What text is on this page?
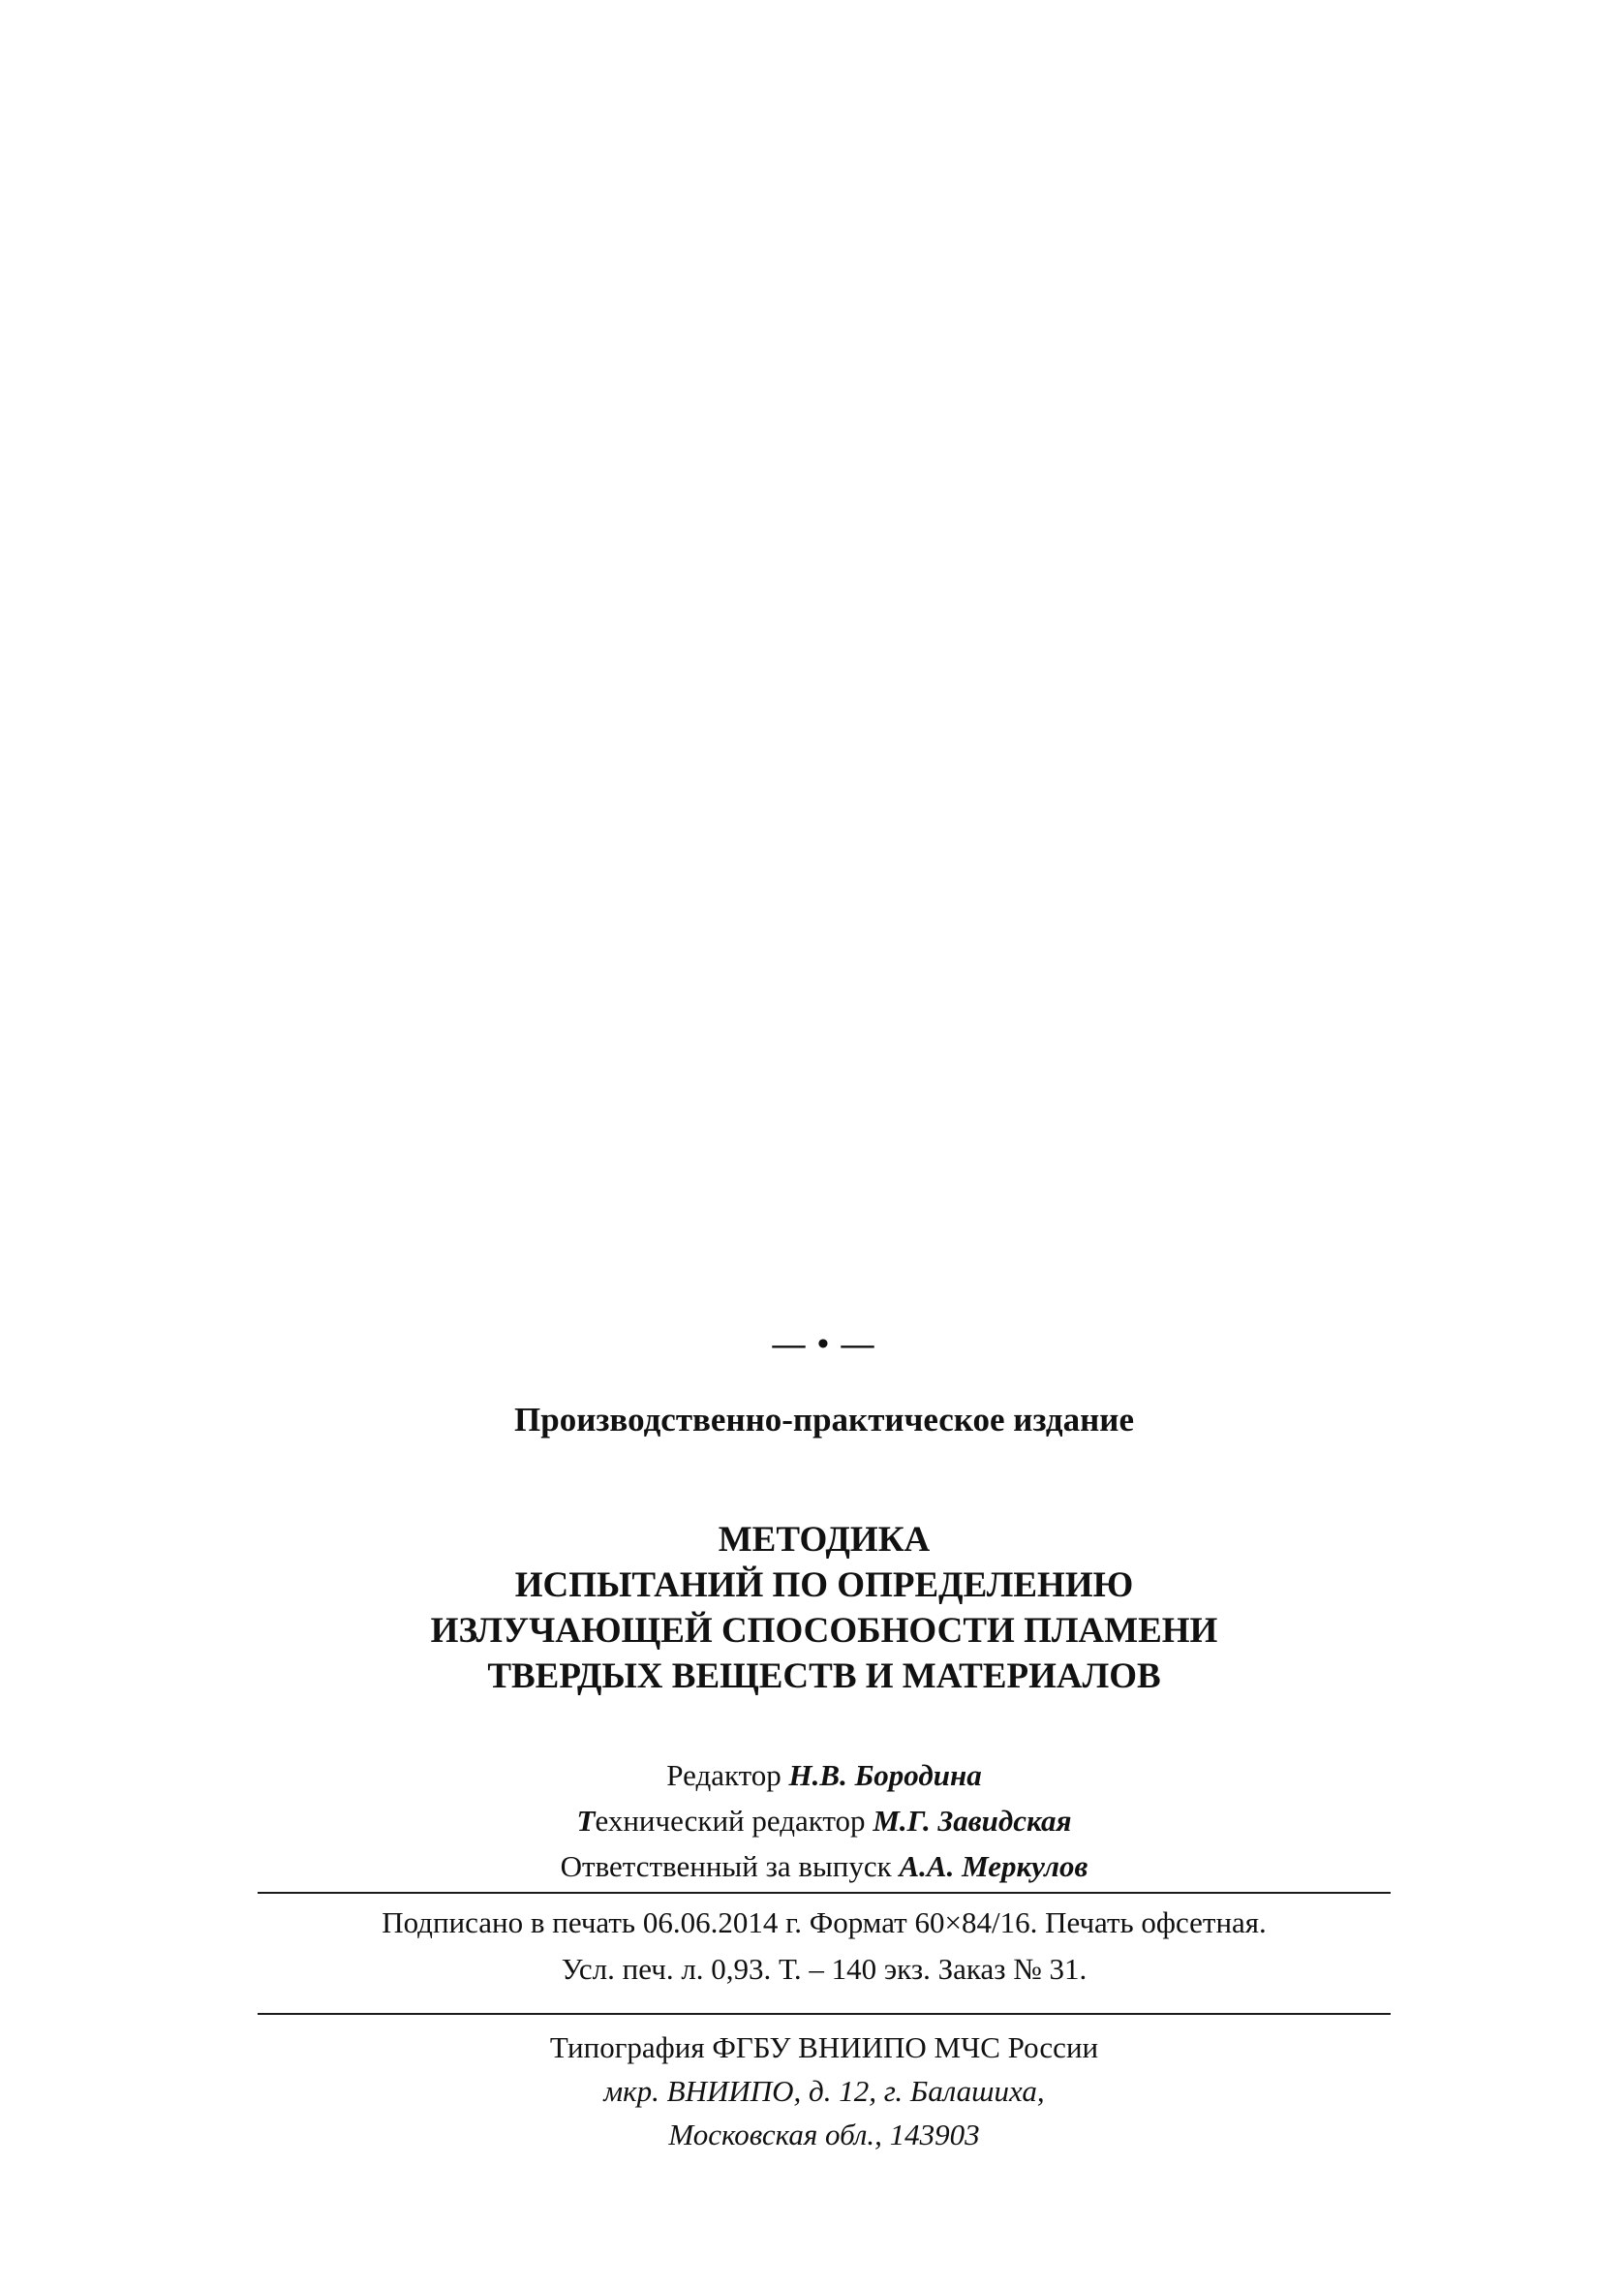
— • —
Производственно-практическое издание
МЕТОДИКА
ИСПЫТАНИЙ ПО ОПРЕДЕЛЕНИЮ
ИЗЛУЧАЮЩЕЙ СПОСОБНОСТИ ПЛАМЕНИ
ТВЕРДЫХ ВЕЩЕСТВ И МАТЕРИАЛОВ
Редактор Н.В. Бородина
Технический редактор М.Г. Завидская
Ответственный за выпуск А.А. Меркулов
Подписано в печать 06.06.2014 г. Формат 60×84/16. Печать офсетная.
Усл. печ. л. 0,93. Т. – 140 экз. Заказ № 31.
Типография ФГБУ ВНИИПО МЧС России
мкр. ВНИИПО, д. 12, г. Балашиха,
Московская обл., 143903
